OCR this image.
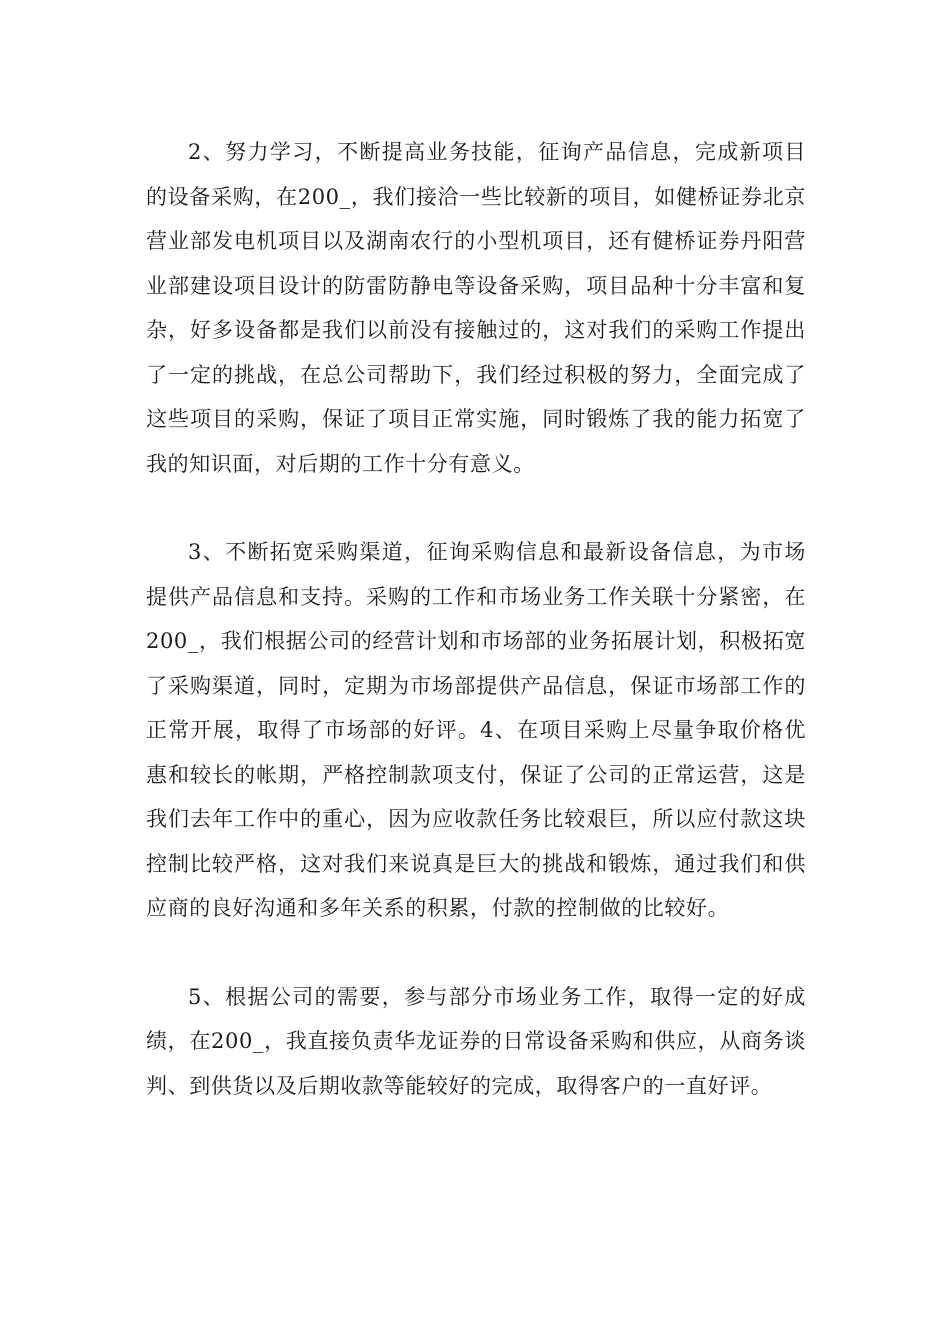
2、努力学习，不断提高业务技能，征询产品信息，完成新项目的设备采购，在200_，我们接洽一些比较新的项目，如健桥证券北京营业部发电机项目以及湖南农行的小型机项目，还有健桥证券丹阳营业部建设项目设计的防雷防静电等设备采购，项目品种十分丰富和复杂，好多设备都是我们以前没有接触过的，这对我们的采购工作提出了一定的挑战，在总公司帮助下，我们经过积极的努力，全面完成了这些项目的采购，保证了项目正常实施，同时锻炼了我的能力拓宽了我的知识面，对后期的工作十分有意义。

3、不断拓宽采购渠道，征询采购信息和最新设备信息，为市场提供产品信息和支持。采购的工作和市场业务工作关联十分紧密，在200_，我们根据公司的经营计划和市场部的业务拓展计划，积极拓宽了采购渠道，同时，定期为市场部提供产品信息，保证市场部工作的正常开展，取得了市场部的好评。4、在项目采购上尽量争取价格优惠和较长的帐期，严格控制款项支付，保证了公司的正常运营，这是我们去年工作中的重心，因为应收款任务比较艰巨，所以应付款这块控制比较严格，这对我们来说真是巨大的挑战和锻炼，通过我们和供应商的良好沟通和多年关系的积累，付款的控制做的比较好。

5、根据公司的需要，参与部分市场业务工作，取得一定的好成绩，在200_，我直接负责华龙证券的日常设备采购和供应，从商务谈判、到供货以及后期收款等能较好的完成，取得客户的一直好评。
